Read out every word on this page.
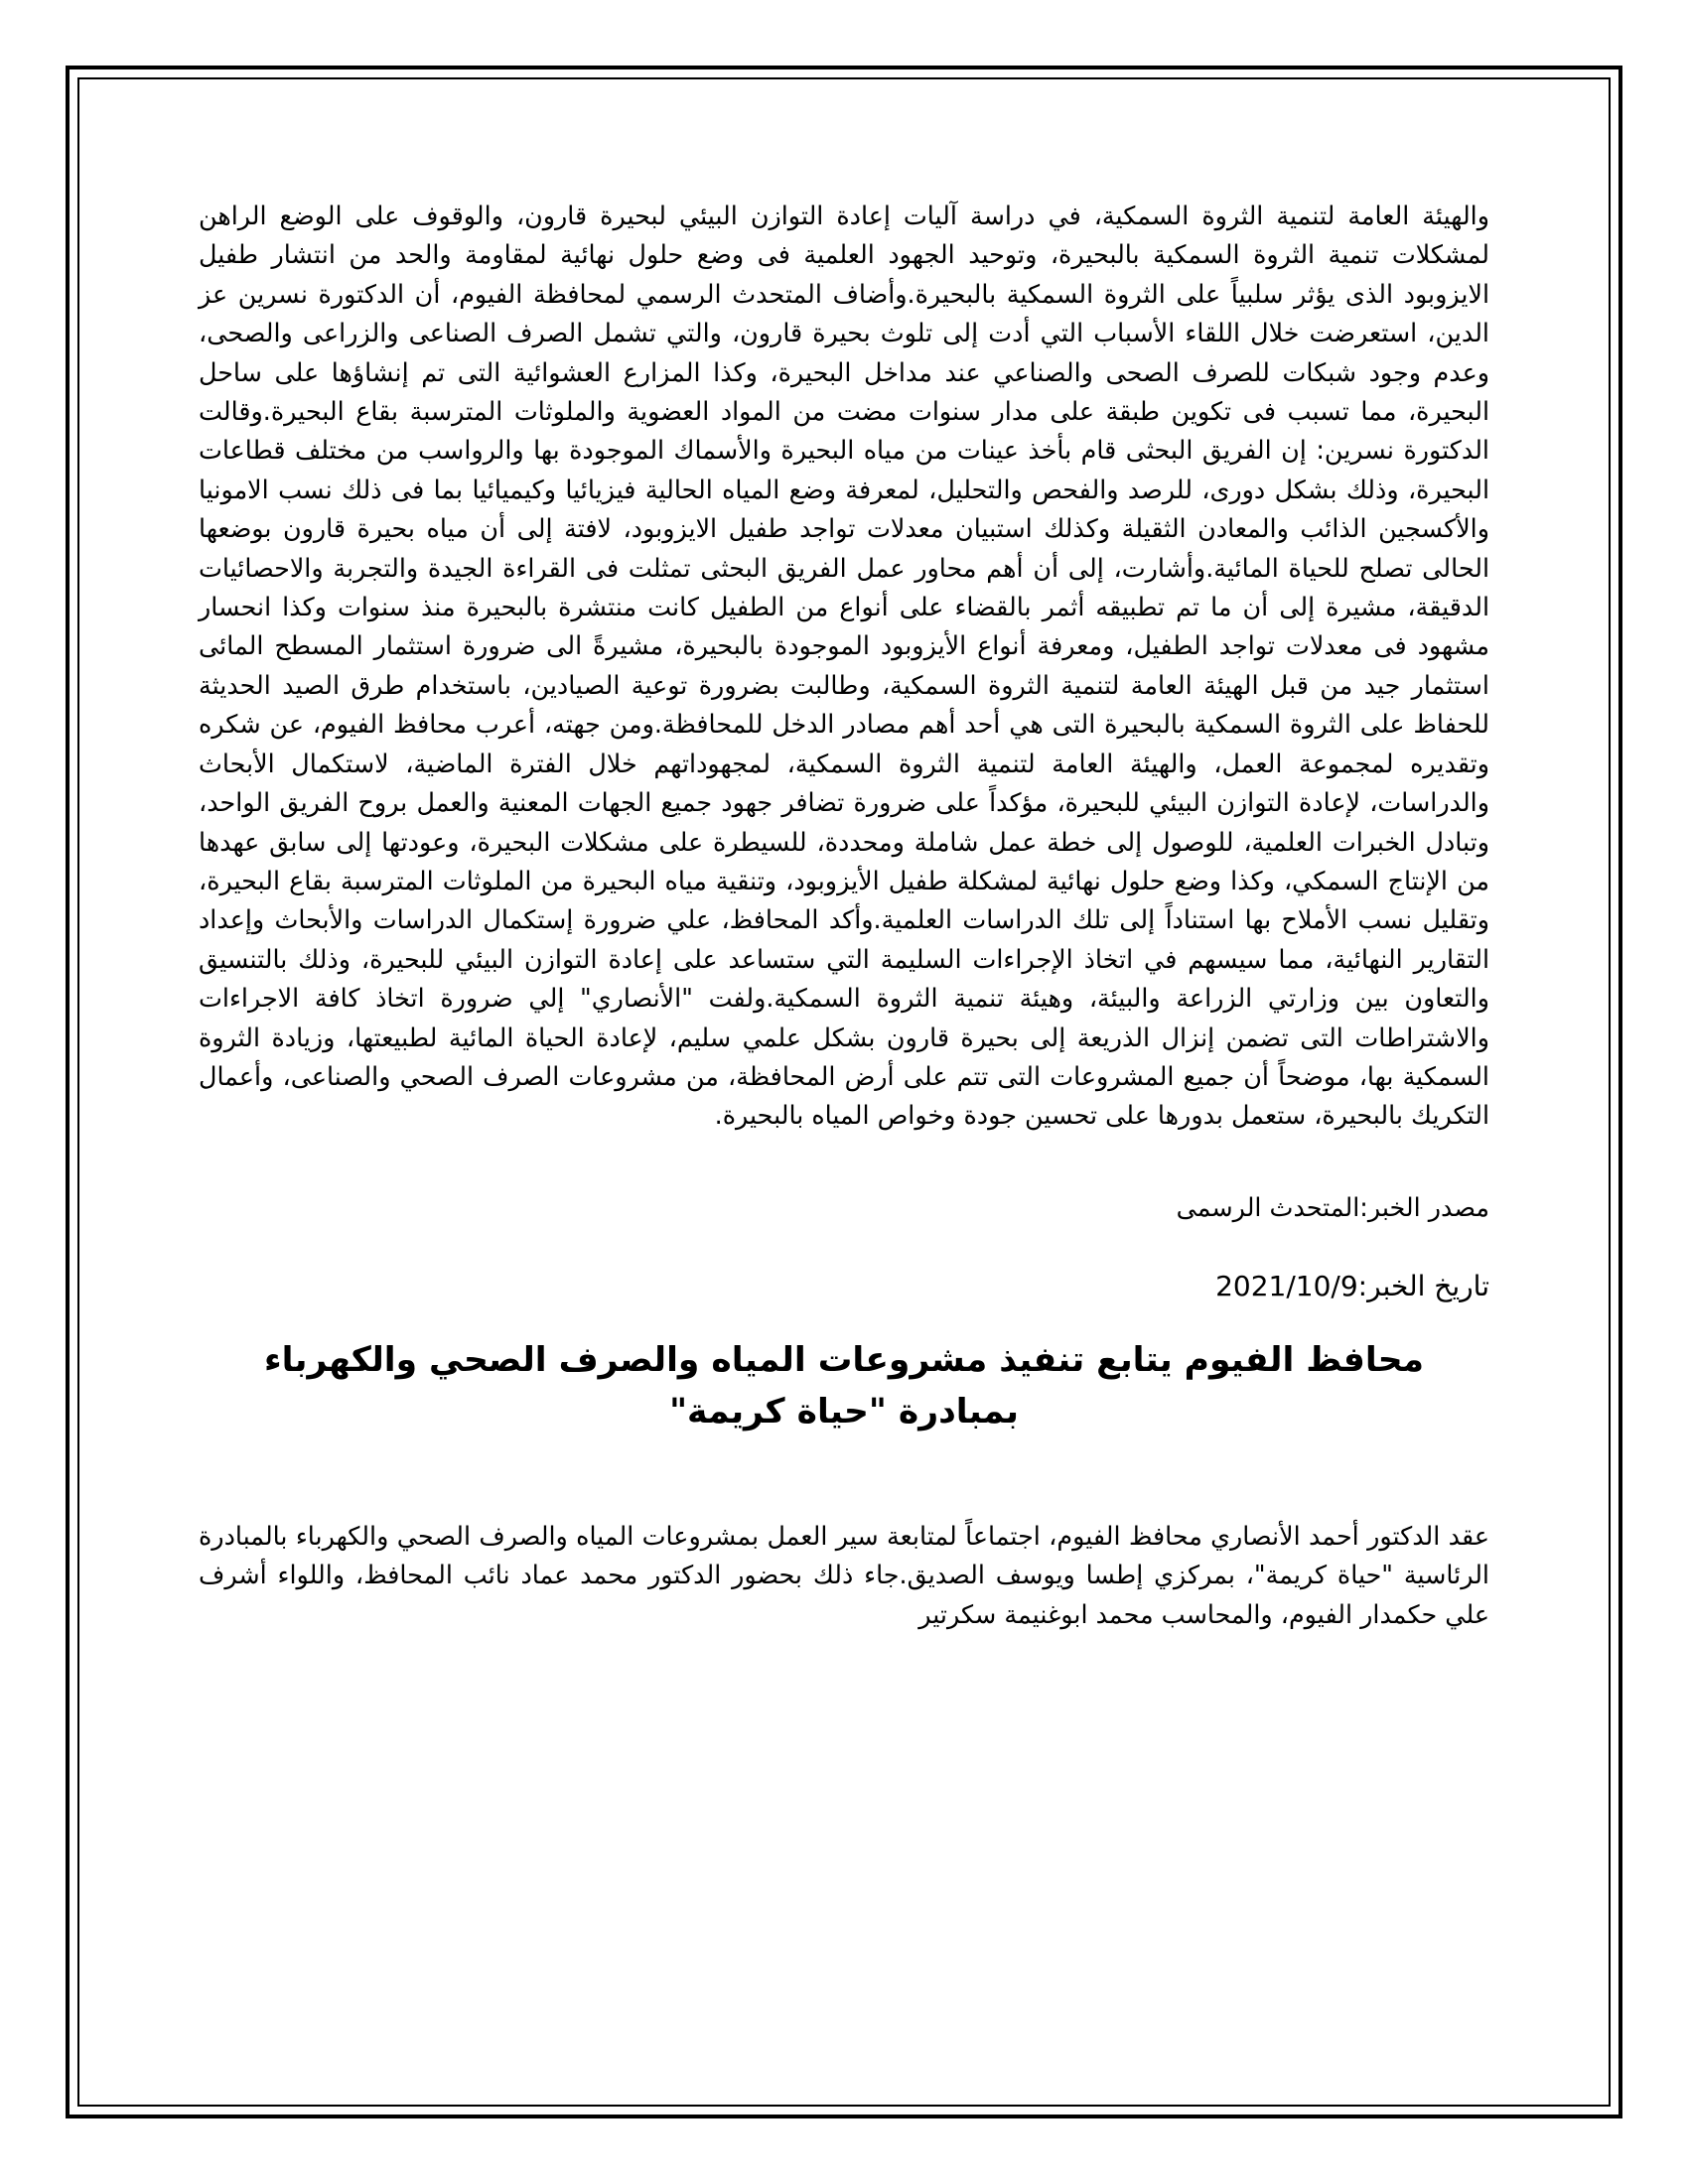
والهيئة العامة لتنمية الثروة السمكية، في دراسة آليات إعادة التوازن البيئي لبحيرة قارون، والوقوف على الوضع الراهن لمشكلات تنمية الثروة السمكية بالبحيرة، وتوحيد الجهود العلمية فى وضع حلول نهائية لمقاومة والحد من انتشار طفيل الايزوبود الذى يؤثر سلبياً على الثروة السمكية بالبحيرة.وأضاف المتحدث الرسمي لمحافظة الفيوم، أن الدكتورة نسرين عز الدين، استعرضت خلال اللقاء الأسباب التي أدت إلى تلوث بحيرة قارون، والتي تشمل الصرف الصناعى والزراعى والصحى، وعدم وجود شبكات للصرف الصحى والصناعي عند مداخل البحيرة، وكذا المزارع العشوائية التى تم إنشاؤها على ساحل البحيرة، مما تسبب فى تكوين طبقة على مدار سنوات مضت من المواد العضوية والملوثات المترسبة بقاع البحيرة.وقالت الدكتورة نسرين: إن الفريق البحثى قام بأخذ عينات من مياه البحيرة والأسماك الموجودة بها والرواسب من مختلف قطاعات البحيرة، وذلك بشكل دورى، للرصد والفحص والتحليل، لمعرفة وضع المياه الحالية فيزيائيا وكيميائيا بما فى ذلك نسب الامونيا والأكسجين الذائب والمعادن الثقيلة وكذلك استبيان معدلات تواجد طفيل الايزوبود، لافتة إلى أن مياه بحيرة قارون بوضعها الحالى تصلح للحياة المائية.وأشارت، إلى أن أهم محاور عمل الفريق البحثى تمثلت فى القراءة الجيدة والتجربة والاحصائيات الدقيقة، مشيرة إلى أن ما تم تطبيقه أثمر بالقضاء على أنواع من الطفيل كانت منتشرة بالبحيرة منذ سنوات وكذا انحسار مشهود فى معدلات تواجد الطفيل، ومعرفة أنواع الأيزوبود الموجودة بالبحيرة، مشيرةً الى ضرورة استثمار المسطح المائى استثمار جيد من قبل الهيئة العامة لتنمية الثروة السمكية، وطالبت بضرورة توعية الصيادين، باستخدام طرق الصيد الحديثة للحفاظ على الثروة السمكية بالبحيرة التى هي أحد أهم مصادر الدخل للمحافظة.ومن جهته، أعرب محافظ الفيوم، عن شكره وتقديره لمجموعة العمل، والهيئة العامة لتنمية الثروة السمكية، لمجهوداتهم خلال الفترة الماضية، لاستكمال الأبحاث والدراسات، لإعادة التوازن البيئي للبحيرة، مؤكداً على ضرورة تضافر جهود جميع الجهات المعنية والعمل بروح الفريق الواحد، وتبادل الخبرات العلمية، للوصول إلى خطة عمل شاملة ومحددة، للسيطرة على مشكلات البحيرة، وعودتها إلى سابق عهدها من الإنتاج السمكي، وكذا وضع حلول نهائية لمشكلة طفيل الأيزوبود، وتنقية مياه البحيرة من الملوثات المترسبة بقاع البحيرة، وتقليل نسب الأملاح بها استناداً إلى تلك الدراسات العلمية.وأكد المحافظ، علي ضرورة إستكمال الدراسات والأبحاث وإعداد التقارير النهائية، مما سيسهم في اتخاذ الإجراءات السليمة التي ستساعد على إعادة التوازن البيئي للبحيرة، وذلك بالتنسيق والتعاون بين وزارتي الزراعة والبيئة، وهيئة تنمية الثروة السمكية.ولفت "الأنصاري" إلي ضرورة اتخاذ كافة الاجراءات والاشتراطات التى تضمن إنزال الذريعة إلى بحيرة قارون بشكل علمي سليم، لإعادة الحياة المائية لطبيعتها، وزيادة الثروة السمكية بها، موضحاً أن جميع المشروعات التى تتم على أرض المحافظة، من مشروعات الصرف الصحي والصناعى، وأعمال التكريك بالبحيرة، ستعمل بدورها على تحسين جودة وخواص المياه بالبحيرة.

مصدر الخبر:المتحدث الرسمى

تاريخ الخبر:2021/10/9

محافظ الفيوم يتابع تنفيذ مشروعات المياه والصرف الصحي والكهرباء بمبادرة "حياة كريمة"

عقد الدكتور أحمد الأنصاري محافظ الفيوم، اجتماعاً لمتابعة سير العمل بمشروعات المياه والصرف الصحي والكهرباء بالمبادرة الرئاسية "حياة كريمة"، بمركزي إطسا ويوسف الصديق.جاء ذلك بحضور الدكتور محمد عماد نائب المحافظ، واللواء أشرف علي حكمدار الفيوم، والمحاسب محمد ابوغنيمة سكرتير
